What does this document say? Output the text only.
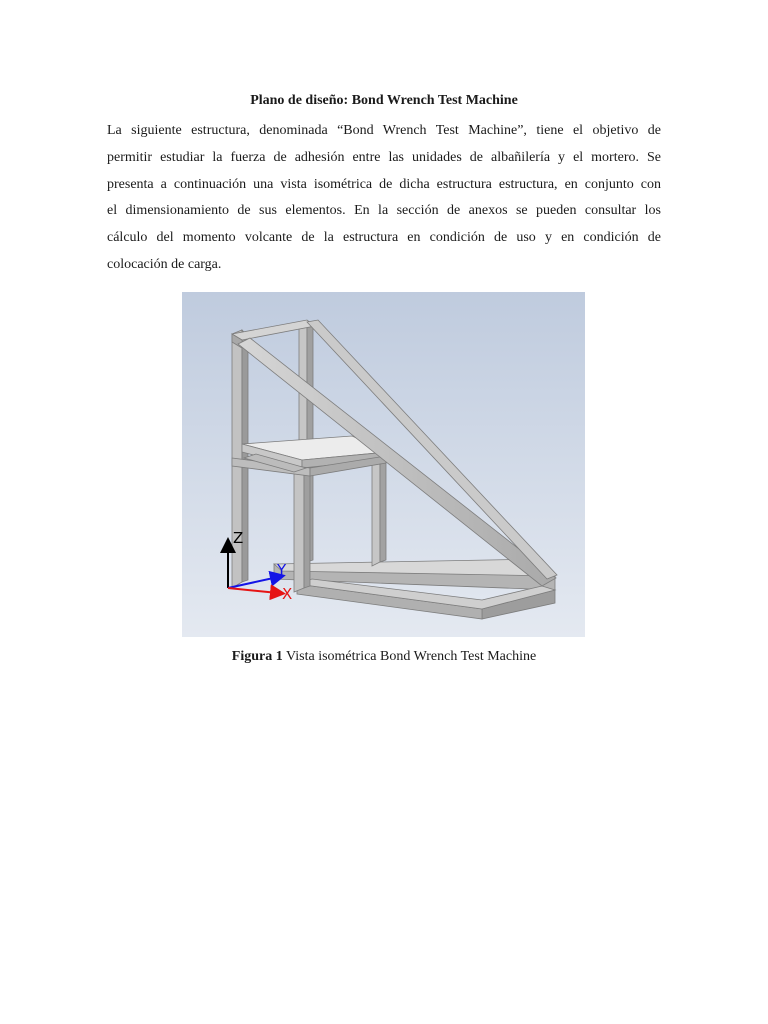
Plano de diseño: Bond Wrench Test Machine
La siguiente estructura, denominada “Bond Wrench Test Machine”, tiene el objetivo de
permitir estudiar la fuerza de adhesión entre las unidades de albañilería y el mortero. Se
presenta a continuación una vista isométrica de dicha estructura estructura, en conjunto con
el dimensionamiento de sus elementos. En la sección de anexos se pueden consultar los
cálculo del momento volcante de la estructura en condición de uso y en condición de
colocación de carga.
Z
Y
X
Figura 1 Vista isométrica Bond Wrench Test Machine
